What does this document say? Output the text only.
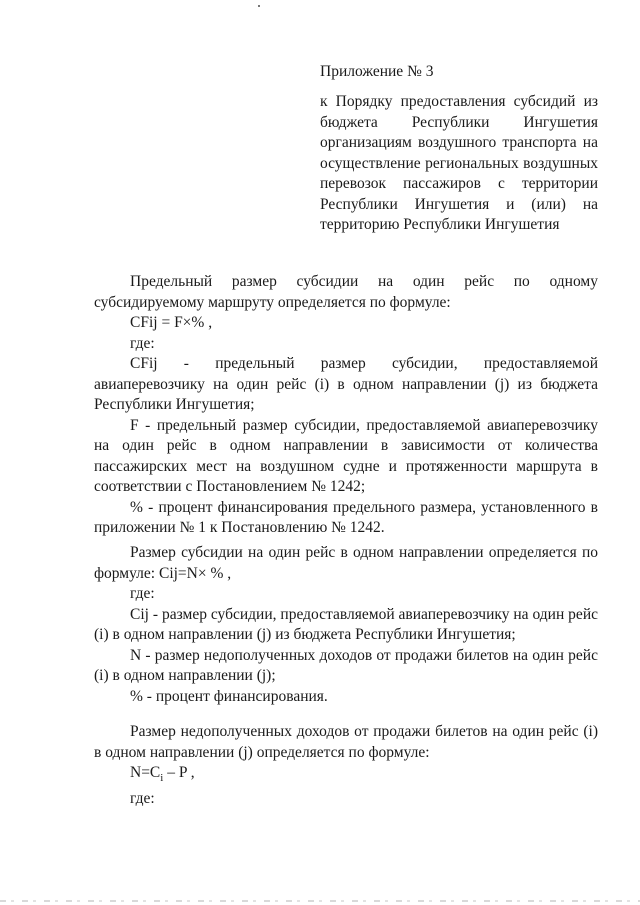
Приложение № 3

к Порядку предоставления субсидий из бюджета Республики Ингушетия организациям воздушного транспорта на осуществление региональных воздушных перевозок пассажиров с территории Республики Ингушетия и (или) на территорию Республики Ингушетия

Предельный размер субсидии на один рейс по одному субсидируемому маршруту определяется по формуле:
CFij = F×% ,
где:
CFij - предельный размер субсидии, предоставляемой авиаперевозчику на один рейс (i) в одном направлении (j) из бюджета Республики Ингушетия;
F - предельный размер субсидии, предоставляемой авиаперевозчику на один рейс в одном направлении в зависимости от количества пассажирских мест на воздушном судне и протяженности маршрута в соответствии с Постановлением № 1242;
% - процент финансирования предельного размера, установленного в приложении № 1 к Постановлению № 1242.
Размер субсидии на один рейс в одном направлении определяется по формуле: Cij=N× % ,
где:
Cij - размер субсидии, предоставляемой авиаперевозчику на один рейс (i) в одном направлении (j) из бюджета Республики Ингушетия;
N - размер недополученных доходов от продажи билетов на один рейс (i) в одном направлении (j);
% - процент финансирования.
Размер недополученных доходов от продажи билетов на один рейс (i) в одном направлении (j) определяется по формуле:
$N=C_i - P$ ,
где:
